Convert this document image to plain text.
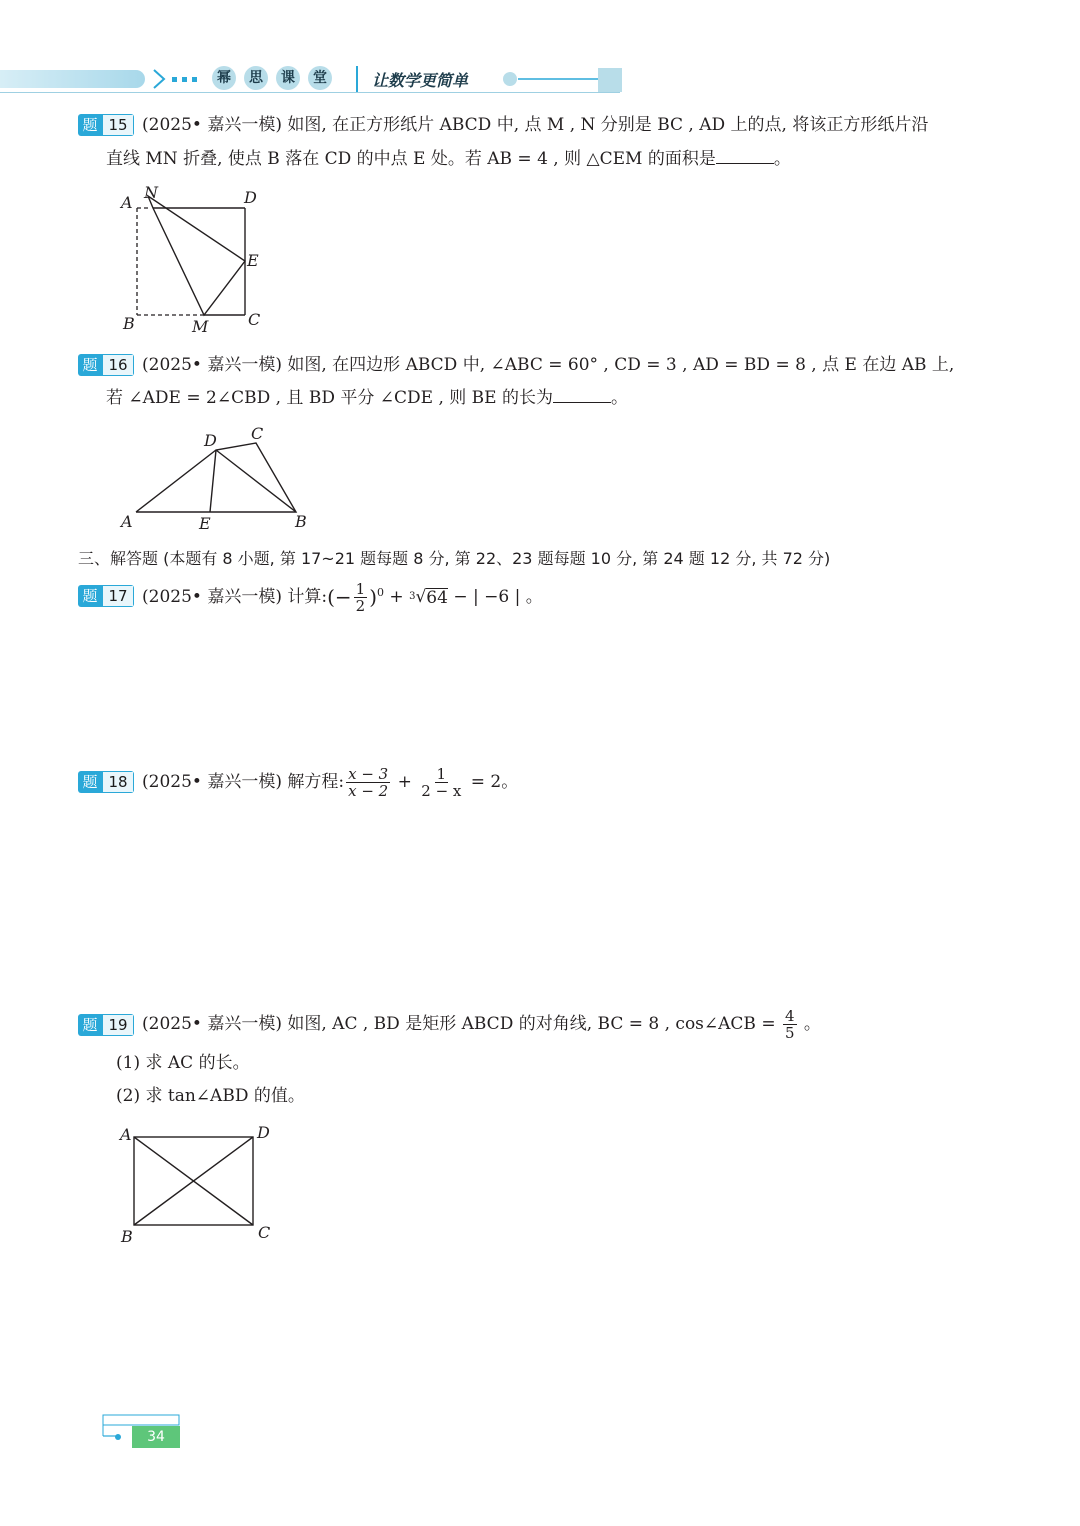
幂	思	课	堂	让数学更简单
题 15 (2025• 嘉兴一模) 如图, 在正方形纸片 ABCD 中, 点 M , N 分别是 BC , AD 上的点, 将该正方形纸片沿
直线 MN 折叠, 使点 B 落在 CD 的中点 E 处。若 AB = 4 , 则 △CEM 的面积是	。
A
N	D
E
B	M C
题 16 (2025• 嘉兴一模) 如图, 在四边形 ABCD 中, ∠ABC = 60° , CD = 3 , AD = BD = 8 , 点 E 在边 AB 上,
若 ∠ADE = 2∠CBD , 且 BD 平分 ∠CDE , 则 BE 的长为	。
D C
A	E	B
三、解答题 (本题有 8 小题, 第 17~21 题每题 8 分, 第 22、23 题每题 10 分, 第 24 题 12 分, 共 72 分)
题 17 (2025• 嘉兴一模) 计算: (− $\frac{1}{2}$ ) 0 + 3 √ 64 − | −6 | 。
题 18 (2025• 嘉兴一模) 解方程: $\frac{x - 3}{x - 2} + \frac{1}{2 - x} = 2$。
题 19 (2025• 嘉兴一模) 如图, AC , BD 是矩形 ABCD 的对角线, BC = 8 , cos∠ACB = $\frac{4}{5}$ 。
(1) 求 AC 的长。
(2) 求 tan∠ABD 的值。
A	D
B	C
34
